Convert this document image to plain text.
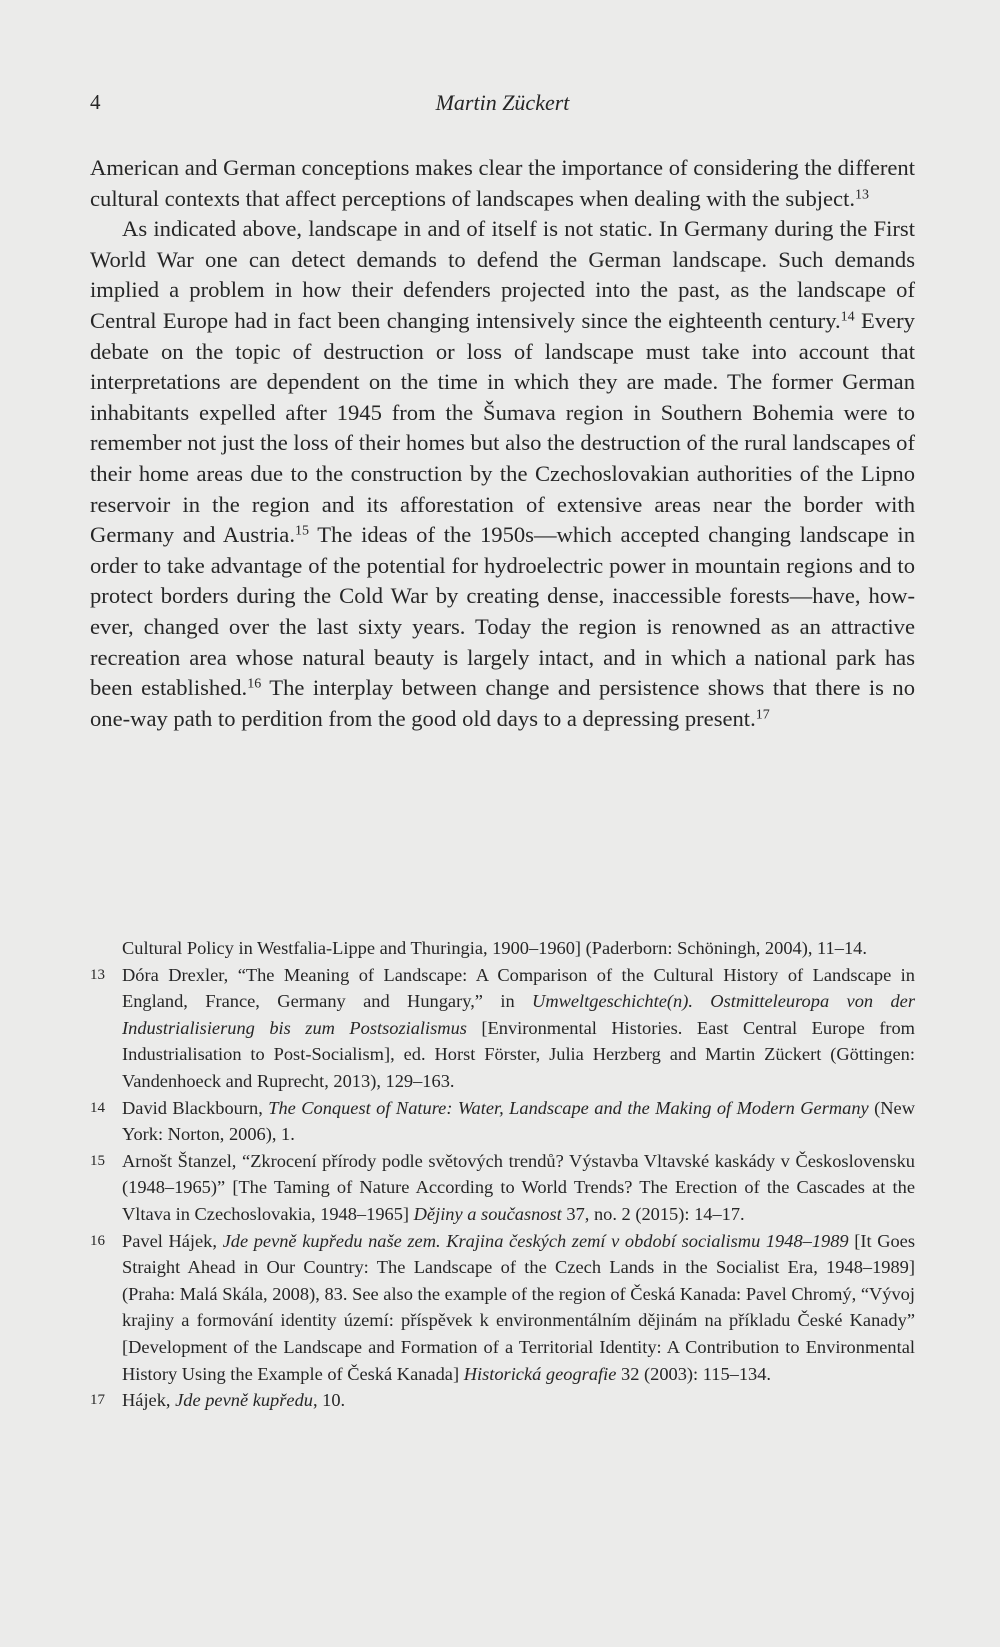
4	Martin Zückert

American and German conceptions makes clear the importance of considering the different cultural contexts that affect perceptions of landscapes when dealing with the subject.$^{13}$

As indicated above, landscape in and of itself is not static. In Germany during the First World War one can detect demands to defend the German landscape. Such demands implied a problem in how their defenders projected into the past, as the landscape of Central Europe had in fact been changing intensively since the eighteenth century.$^{14}$ Every debate on the topic of destruction or loss of landscape must take into account that interpretations are dependent on the time in which they are made. The former German inhabitants expelled after 1945 from the Šumava region in Southern Bohemia were to remember not just the loss of their homes but also the destruction of the rural landscapes of their home areas due to the construction by the Czechoslovakian authorities of the Lipno reservoir in the region and its afforestation of extensive areas near the border with Germany and Austria.$^{15}$ The ideas of the 1950s—which accepted changing landscape in order to take advantage of the potential for hydroelectric power in mountain regions and to protect borders during the Cold War by creating dense, inaccessible forests—have, however, changed over the last sixty years. Today the region is renowned as an attractive recreation area whose natural beauty is largely intact, and in which a national park has been established.$^{16}$ The interplay between change and persistence shows that there is no one-way path to perdition from the good old days to a depressing present.$^{17}$

Cultural Policy in Westfalia-Lippe and Thuringia, 1900–1960] (Paderborn: Schöningh, 2004), 11–14.

13 Dóra Drexler, “The Meaning of Landscape: A Comparison of the Cultural History of Landscape in England, France, Germany and Hungary,” in Umweltgeschichte(n). Ostmitteleuropa von der Industrialisierung bis zum Postsozialismus [Environmental Histories. East Central Europe from Industrialisation to Post-Socialism], ed. Horst Förster, Julia Herzberg and Martin Zückert (Göttingen: Vandenhoeck and Ruprecht, 2013), 129–163.

14 David Blackbourn, The Conquest of Nature: Water, Landscape and the Making of Modern Germany (New York: Norton, 2006), 1.

15 Arnošt Štanzel, “Zkrocení přírody podle světových trendů? Výstavba Vltavské kaskády v Československu (1948–1965)” [The Taming of Nature According to World Trends? The Erection of the Cascades at the Vltava in Czechoslovakia, 1948–1965] Dějiny a současnost 37, no. 2 (2015): 14–17.

16 Pavel Hájek, Jde pevně kupředu naše zem. Krajina českých zemí v období socialismu 1948–1989 [It Goes Straight Ahead in Our Country: The Landscape of the Czech Lands in the Socialist Era, 1948–1989] (Praha: Malá Skála, 2008), 83. See also the example of the region of Česká Kanada: Pavel Chromý, “Vývoj krajiny a formování identity území: příspěvek k environmentálním dějinám na příkladu České Kanady” [Development of the Landscape and Formation of a Territorial Identity: A Contribution to Environmental History Using the Example of Česká Kanada] Historická geografie 32 (2003): 115–134.

17 Hájek, Jde pevně kupředu, 10.
